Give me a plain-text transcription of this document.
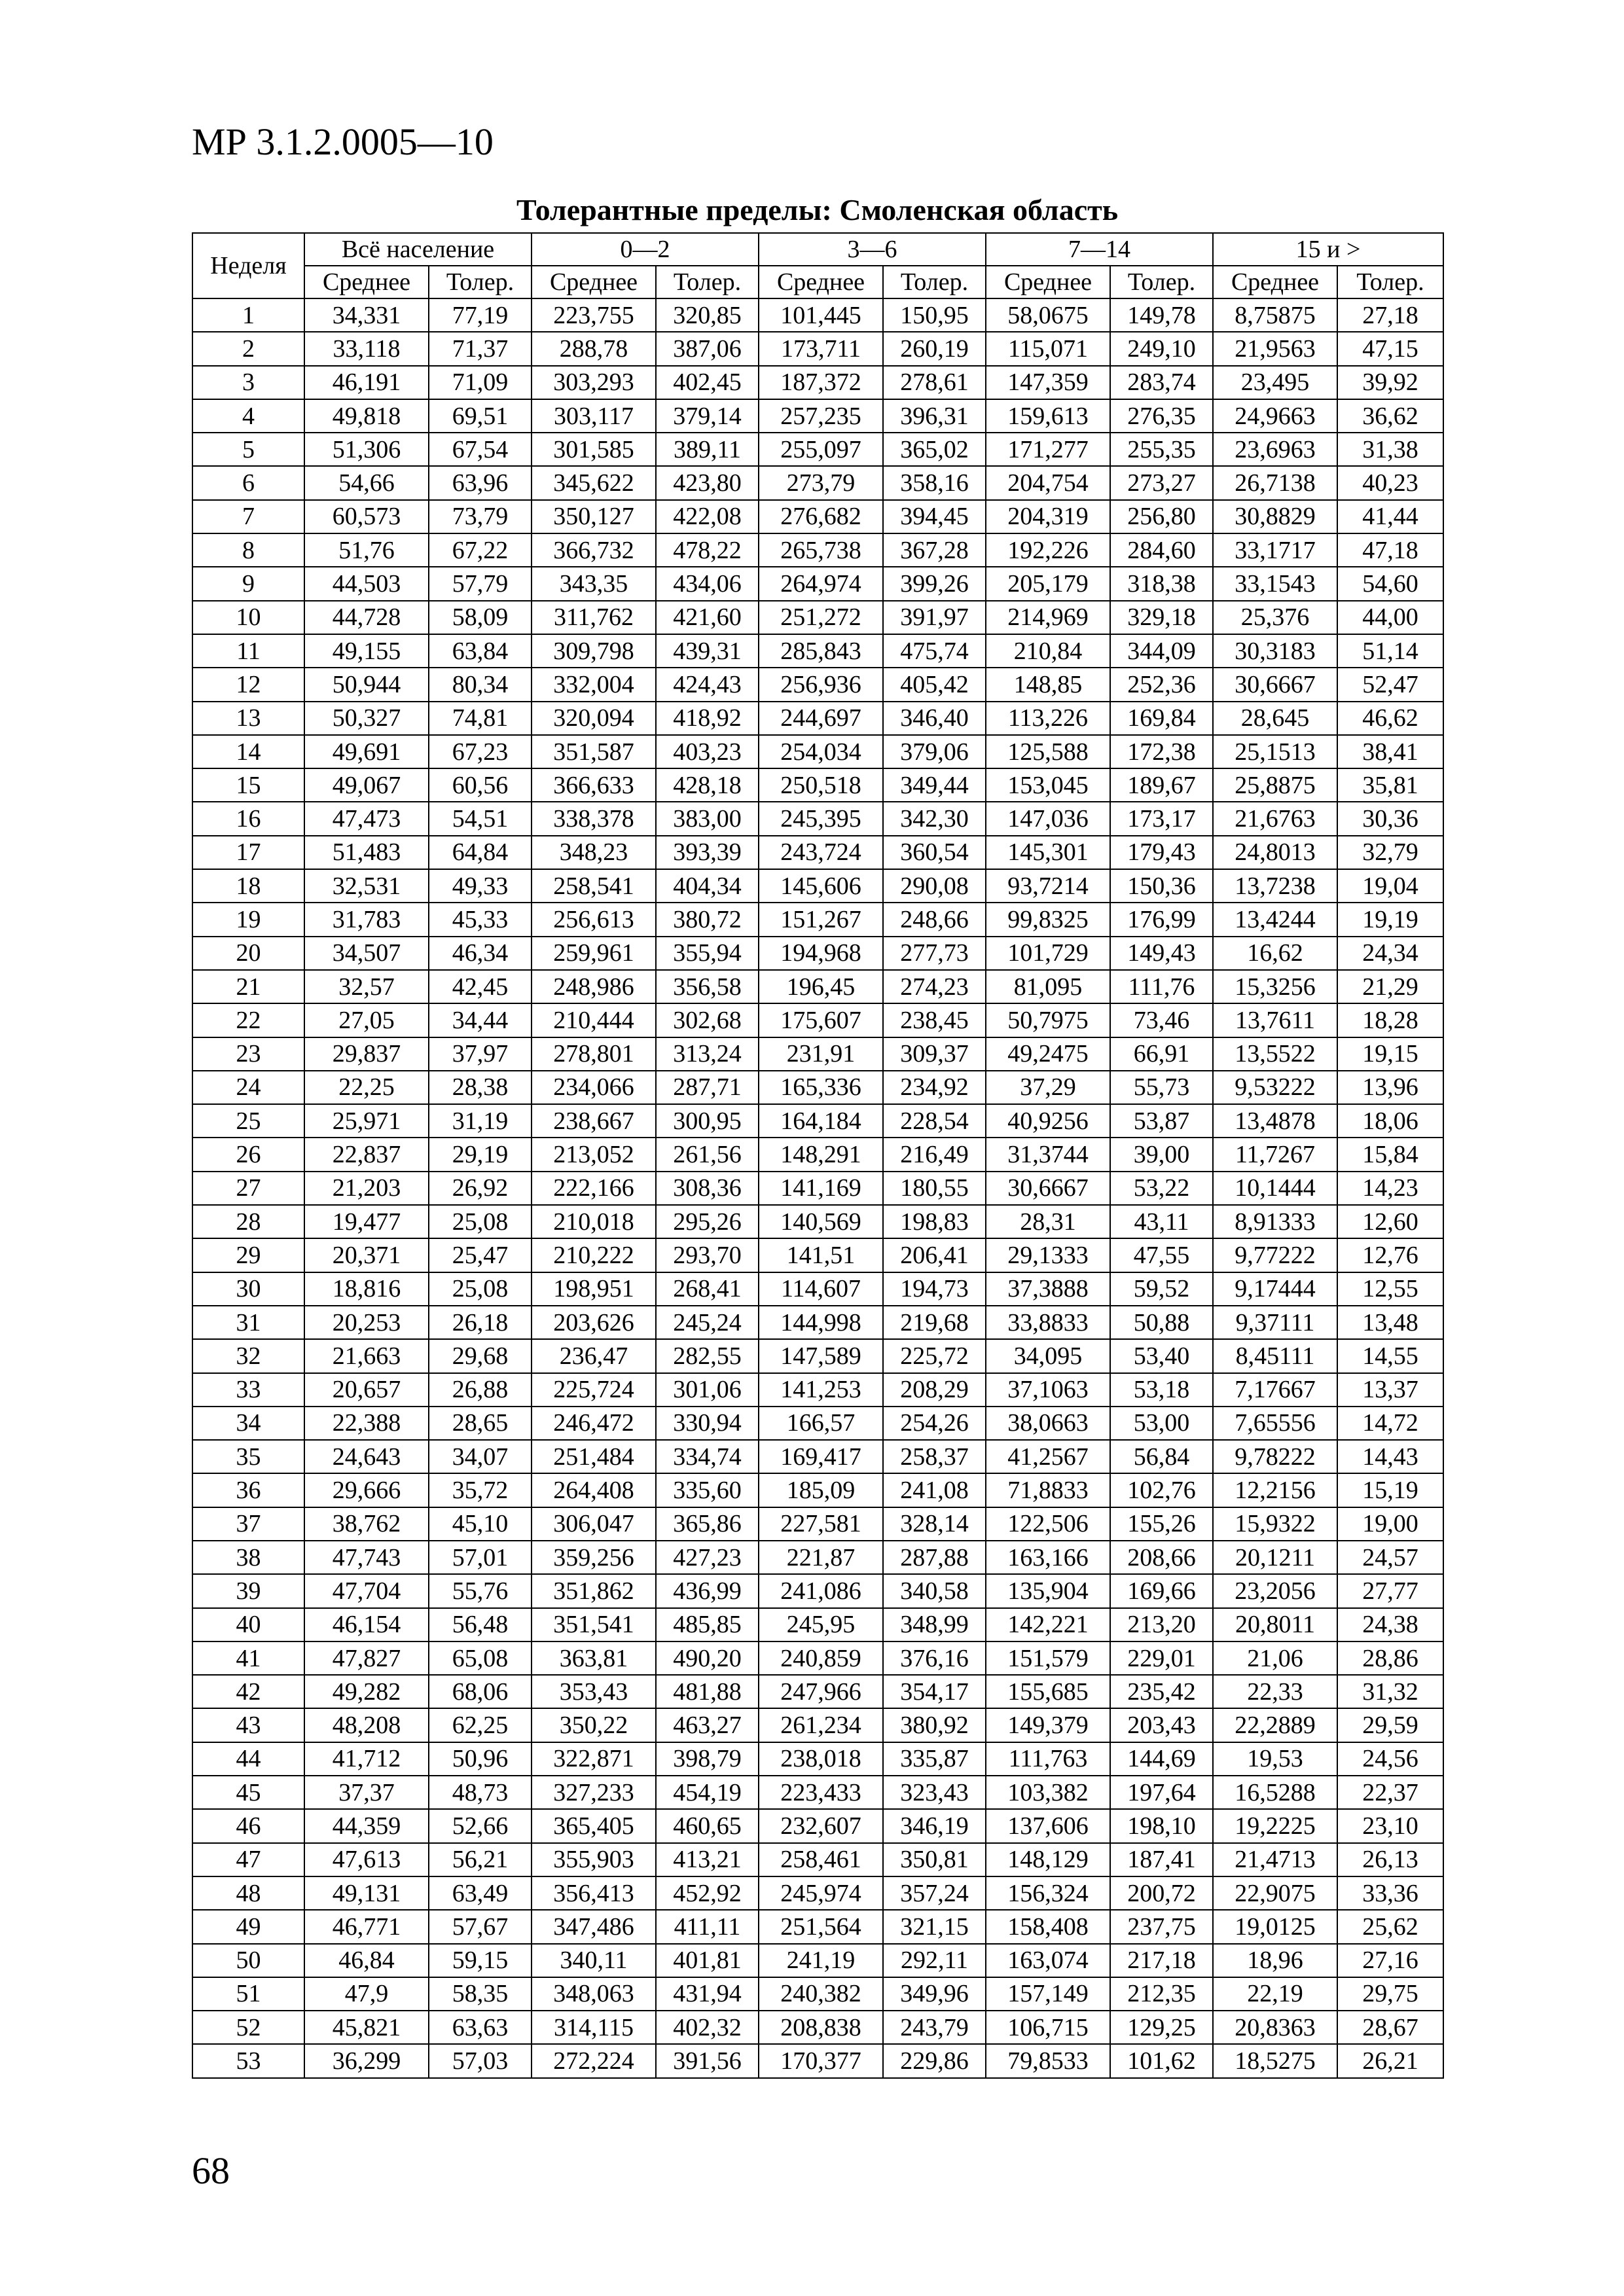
МР 3.1.2.0005—10
Толерантные пределы: Смоленская область
Неделя	Всё население		0—2		3—6		7—14		15 и >	
	Среднее	Толер.	Среднее	Толер.	Среднее	Толер.	Среднее	Толер.	Среднее	Толер.
1	34,331	77,19	223,755	320,85	101,445	150,95	58,0675	149,78	8,75875	27,18
2	33,118	71,37	288,78	387,06	173,711	260,19	115,071	249,10	21,9563	47,15
3	46,191	71,09	303,293	402,45	187,372	278,61	147,359	283,74	23,495	39,92
4	49,818	69,51	303,117	379,14	257,235	396,31	159,613	276,35	24,9663	36,62
5	51,306	67,54	301,585	389,11	255,097	365,02	171,277	255,35	23,6963	31,38
6	54,66	63,96	345,622	423,80	273,79	358,16	204,754	273,27	26,7138	40,23
7	60,573	73,79	350,127	422,08	276,682	394,45	204,319	256,80	30,8829	41,44
8	51,76	67,22	366,732	478,22	265,738	367,28	192,226	284,60	33,1717	47,18
9	44,503	57,79	343,35	434,06	264,974	399,26	205,179	318,38	33,1543	54,60
10	44,728	58,09	311,762	421,60	251,272	391,97	214,969	329,18	25,376	44,00
11	49,155	63,84	309,798	439,31	285,843	475,74	210,84	344,09	30,3183	51,14
12	50,944	80,34	332,004	424,43	256,936	405,42	148,85	252,36	30,6667	52,47
13	50,327	74,81	320,094	418,92	244,697	346,40	113,226	169,84	28,645	46,62
14	49,691	67,23	351,587	403,23	254,034	379,06	125,588	172,38	25,1513	38,41
15	49,067	60,56	366,633	428,18	250,518	349,44	153,045	189,67	25,8875	35,81
16	47,473	54,51	338,378	383,00	245,395	342,30	147,036	173,17	21,6763	30,36
17	51,483	64,84	348,23	393,39	243,724	360,54	145,301	179,43	24,8013	32,79
18	32,531	49,33	258,541	404,34	145,606	290,08	93,7214	150,36	13,7238	19,04
19	31,783	45,33	256,613	380,72	151,267	248,66	99,8325	176,99	13,4244	19,19
20	34,507	46,34	259,961	355,94	194,968	277,73	101,729	149,43	16,62	24,34
21	32,57	42,45	248,986	356,58	196,45	274,23	81,095	111,76	15,3256	21,29
22	27,05	34,44	210,444	302,68	175,607	238,45	50,7975	73,46	13,7611	18,28
23	29,837	37,97	278,801	313,24	231,91	309,37	49,2475	66,91	13,5522	19,15
24	22,25	28,38	234,066	287,71	165,336	234,92	37,29	55,73	9,53222	13,96
25	25,971	31,19	238,667	300,95	164,184	228,54	40,9256	53,87	13,4878	18,06
26	22,837	29,19	213,052	261,56	148,291	216,49	31,3744	39,00	11,7267	15,84
27	21,203	26,92	222,166	308,36	141,169	180,55	30,6667	53,22	10,1444	14,23
28	19,477	25,08	210,018	295,26	140,569	198,83	28,31	43,11	8,91333	12,60
29	20,371	25,47	210,222	293,70	141,51	206,41	29,1333	47,55	9,77222	12,76
30	18,816	25,08	198,951	268,41	114,607	194,73	37,3888	59,52	9,17444	12,55
31	20,253	26,18	203,626	245,24	144,998	219,68	33,8833	50,88	9,37111	13,48
32	21,663	29,68	236,47	282,55	147,589	225,72	34,095	53,40	8,45111	14,55
33	20,657	26,88	225,724	301,06	141,253	208,29	37,1063	53,18	7,17667	13,37
34	22,388	28,65	246,472	330,94	166,57	254,26	38,0663	53,00	7,65556	14,72
35	24,643	34,07	251,484	334,74	169,417	258,37	41,2567	56,84	9,78222	14,43
36	29,666	35,72	264,408	335,60	185,09	241,08	71,8833	102,76	12,2156	15,19
37	38,762	45,10	306,047	365,86	227,581	328,14	122,506	155,26	15,9322	19,00
38	47,743	57,01	359,256	427,23	221,87	287,88	163,166	208,66	20,1211	24,57
39	47,704	55,76	351,862	436,99	241,086	340,58	135,904	169,66	23,2056	27,77
40	46,154	56,48	351,541	485,85	245,95	348,99	142,221	213,20	20,8011	24,38
41	47,827	65,08	363,81	490,20	240,859	376,16	151,579	229,01	21,06	28,86
42	49,282	68,06	353,43	481,88	247,966	354,17	155,685	235,42	22,33	31,32
43	48,208	62,25	350,22	463,27	261,234	380,92	149,379	203,43	22,2889	29,59
44	41,712	50,96	322,871	398,79	238,018	335,87	111,763	144,69	19,53	24,56
45	37,37	48,73	327,233	454,19	223,433	323,43	103,382	197,64	16,5288	22,37
46	44,359	52,66	365,405	460,65	232,607	346,19	137,606	198,10	19,2225	23,10
47	47,613	56,21	355,903	413,21	258,461	350,81	148,129	187,41	21,4713	26,13
48	49,131	63,49	356,413	452,92	245,974	357,24	156,324	200,72	22,9075	33,36
49	46,771	57,67	347,486	411,11	251,564	321,15	158,408	237,75	19,0125	25,62
50	46,84	59,15	340,11	401,81	241,19	292,11	163,074	217,18	18,96	27,16
51	47,9	58,35	348,063	431,94	240,382	349,96	157,149	212,35	22,19	29,75
52	45,821	63,63	314,115	402,32	208,838	243,79	106,715	129,25	20,8363	28,67
53	36,299	57,03	272,224	391,56	170,377	229,86	79,8533	101,62	18,5275	26,21
68
